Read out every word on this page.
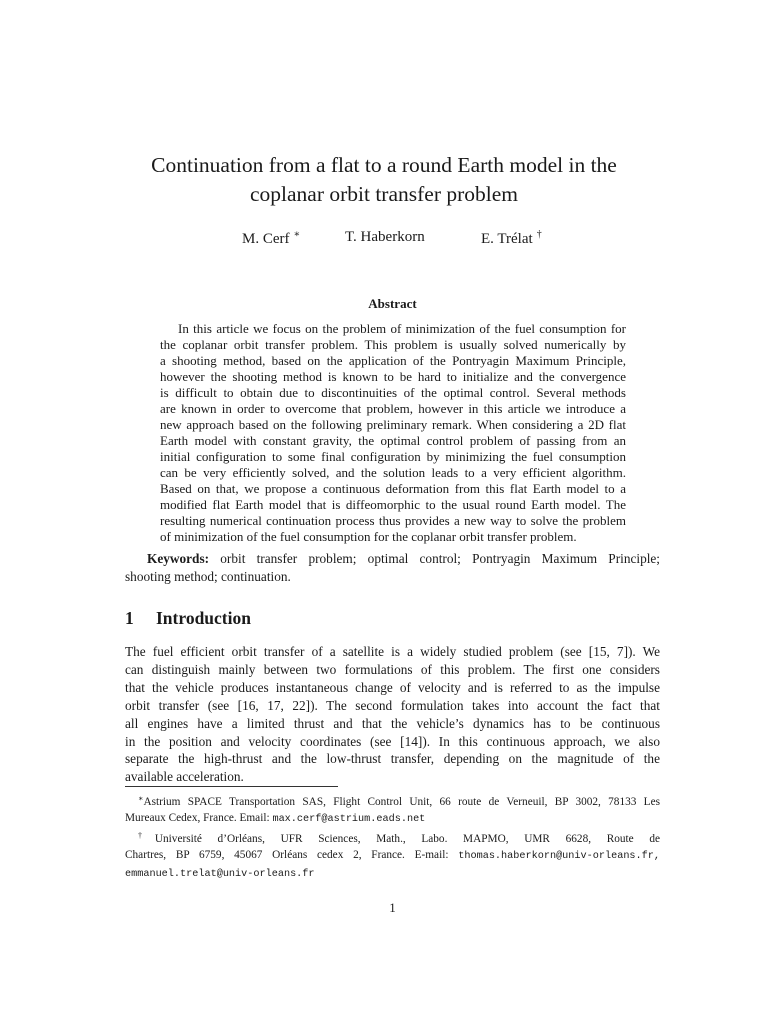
Continuation from a flat to a round Earth model in the
coplanar orbit transfer problem
M. Cerf ∗	T. Haberkorn	E. Trélat †
Abstract
In this article we focus on the problem of minimization of the fuel consumption for
the coplanar orbit transfer problem. This problem is usually solved numerically by
a shooting method, based on the application of the Pontryagin Maximum Principle,
however the shooting method is known to be hard to initialize and the convergence
is difficult to obtain due to discontinuities of the optimal control. Several methods
are known in order to overcome that problem, however in this article we introduce a
new approach based on the following preliminary remark. When considering a 2D flat
Earth model with constant gravity, the optimal control problem of passing from an
initial configuration to some final configuration by minimizing the fuel consumption
can be very efficiently solved, and the solution leads to a very efficient algorithm.
Based on that, we propose a continuous deformation from this flat Earth model to a
modified flat Earth model that is diffeomorphic to the usual round Earth model. The
resulting numerical continuation process thus provides a new way to solve the problem
of minimization of the fuel consumption for the coplanar orbit transfer problem.
Keywords: orbit transfer problem; optimal control; Pontryagin Maximum Principle;
shooting method; continuation.
1 Introduction
The fuel efficient orbit transfer of a satellite is a widely studied problem (see [15, 7]). We
can distinguish mainly between two formulations of this problem. The first one considers
that the vehicle produces instantaneous change of velocity and is referred to as the impulse
orbit transfer (see [16, 17, 22]). The second formulation takes into account the fact that
all engines have a limited thrust and that the vehicle’s dynamics has to be continuous
in the position and velocity coordinates (see [14]). In this continuous approach, we also
separate the high-thrust and the low-thrust transfer, depending on the magnitude of the
available acceleration.
∗Astrium SPACE Transportation SAS, Flight Control Unit, 66 route de Verneuil, BP 3002, 78133 Les
Mureaux Cedex, France. Email: max.cerf@astrium.eads.net
†Université d’Orléans, UFR Sciences, Math., Labo. MAPMO, UMR 6628, Route de
Chartres, BP 6759, 45067 Orléans cedex 2, France. E-mail: thomas.haberkorn@univ-orleans.fr,
emmanuel.trelat@univ-orleans.fr
1
